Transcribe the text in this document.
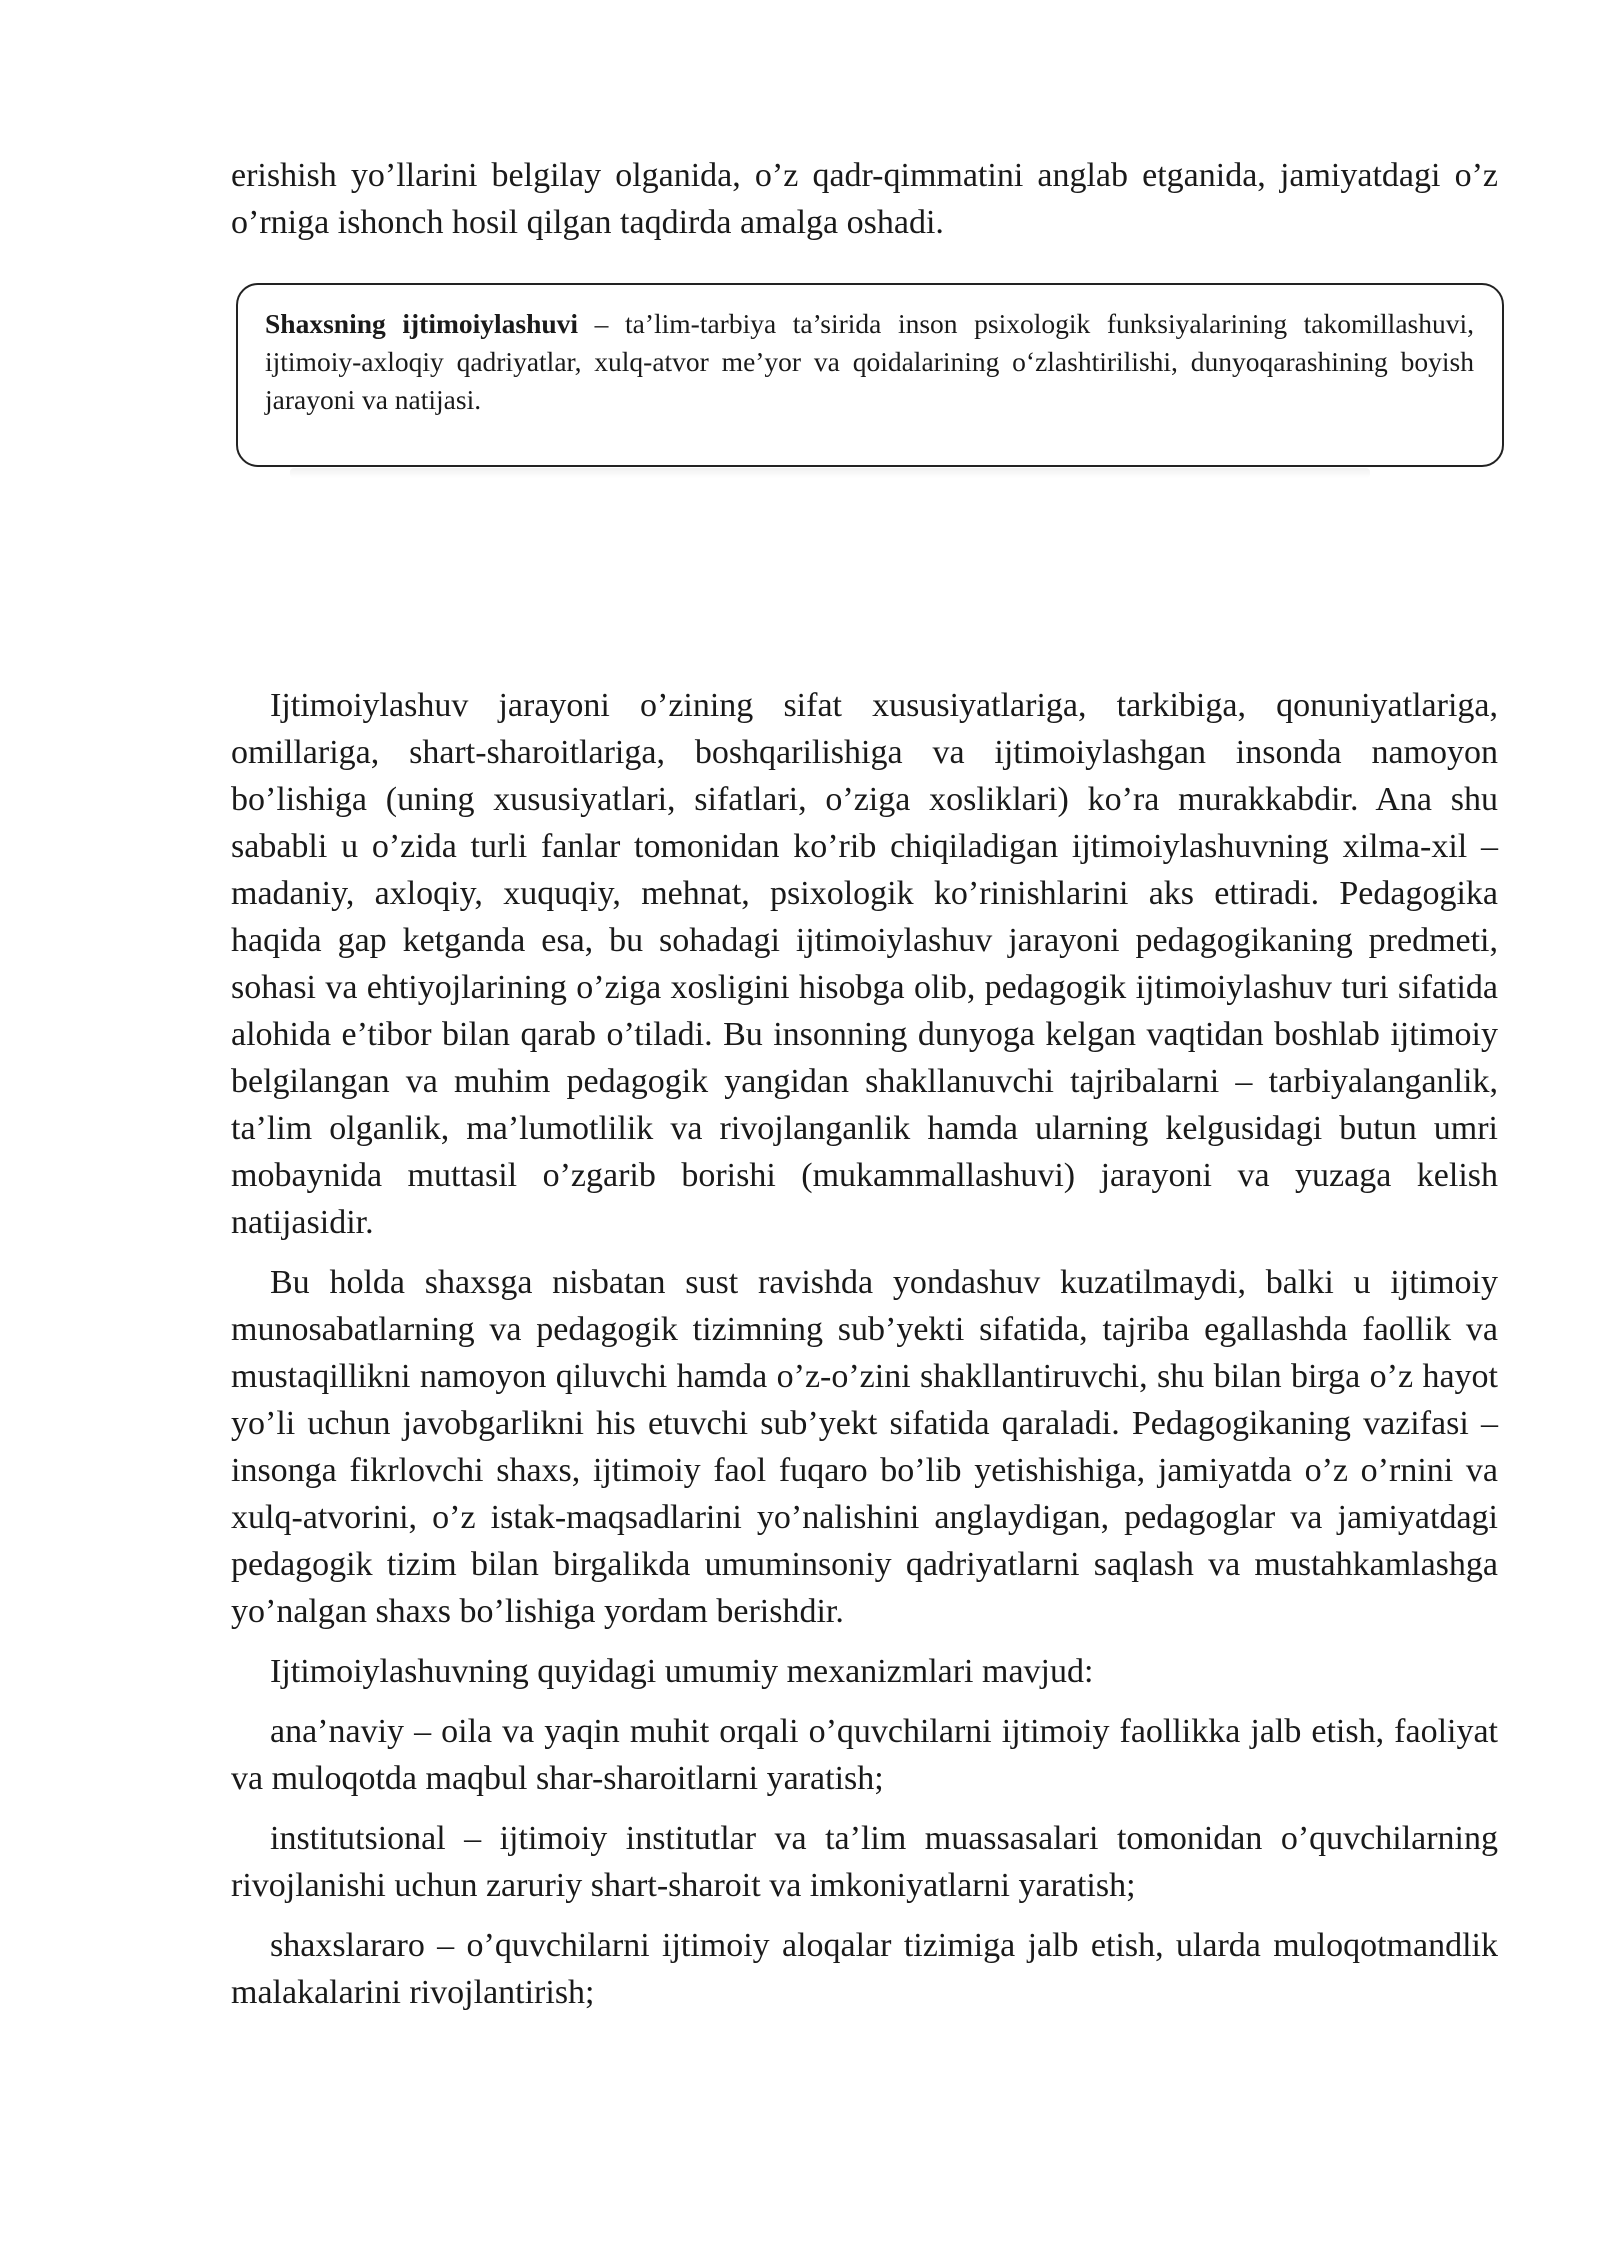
erishish yo’llarini belgilay olganida, o’z qadr-qimmatini anglab etganida, jamiyatdagi o’z o’rniga ishonch hosil qilgan taqdirda amalga oshadi.

Shaxsning ijtimoiylashuvi – ta’lim-tarbiya ta’sirida inson psixologik funksiyalarining takomillashuvi, ijtimoiy-axloqiy qadriyatlar, xulq-atvor me’yor va qoidalarining o‘zlashtirilishi, dunyoqarashining boyish jarayoni va natijasi.

Ijtimoiylashuv jarayoni o’zining sifat xususiyatlariga, tarkibiga, qonuniyatlariga, omillariga, shart-sharoitlariga, boshqarilishiga va ijtimoiylashgan insonda namoyon bo’lishiga (uning xususiyatlari, sifatlari, o’ziga xosliklari) ko’ra murakkabdir. Ana shu sababli u o’zida turli fanlar tomonidan ko’rib chiqiladigan ijtimoiylashuvning xilma-xil – madaniy, axloqiy, xuquqiy, mehnat, psixologik ko’rinishlarini aks ettiradi. Pedagogika haqida gap ketganda esa, bu sohadagi ijtimoiylashuv jarayoni pedagogikaning predmeti, sohasi va ehtiyojlarining o’ziga xosligini hisobga olib, pedagogik ijtimoiylashuv turi sifatida alohida e’tibor bilan qarab o’tiladi. Bu insonning dunyoga kelgan vaqtidan boshlab ijtimoiy belgilangan va muhim pedagogik yangidan shakllanuvchi tajribalarni – tarbiyalanganlik, ta’lim olganlik, ma’lumotlilik va rivojlanganlik hamda ularning kelgusidagi butun umri mobaynida muttasil o’zgarib borishi (mukammallashuvi) jarayoni va yuzaga kelish natijasidir.

Bu holda shaxsga nisbatan sust ravishda yondashuv kuzatilmaydi, balki u ijtimoiy munosabatlarning va pedagogik tizimning sub’yekti sifatida, tajriba egallashda faollik va mustaqillikni namoyon qiluvchi hamda o’z-o’zini shakllantiruvchi, shu bilan birga o’z hayot yo’li uchun javobgarlikni his etuvchi sub’yekt sifatida qaraladi. Pedagogikaning vazifasi – insonga fikrlovchi shaxs, ijtimoiy faol fuqaro bo’lib yetishishiga, jamiyatda o’z o’rnini va xulq-atvorini, o’z istak-maqsadlarini yo’nalishini anglaydigan, pedagoglar va jamiyatdagi pedagogik tizim bilan birgalikda umuminsoniy qadriyatlarni saqlash va mustahkamlashga yo’nalgan shaxs bo’lishiga yordam berishdir.

Ijtimoiylashuvning quyidagi umumiy mexanizmlari mavjud:

ana’naviy – oila va yaqin muhit orqali o’quvchilarni ijtimoiy faollikka jalb etish, faoliyat va muloqotda maqbul shar-sharoitlarni yaratish;

institutsional – ijtimoiy institutlar va ta’lim muassasalari tomonidan o’quvchilarning rivojlanishi uchun zaruriy shart-sharoit va imkoniyatlarni yaratish;

shaxslararo – o’quvchilarni ijtimoiy aloqalar tizimiga jalb etish, ularda muloqotmandlik malakalarini rivojlantirish;
